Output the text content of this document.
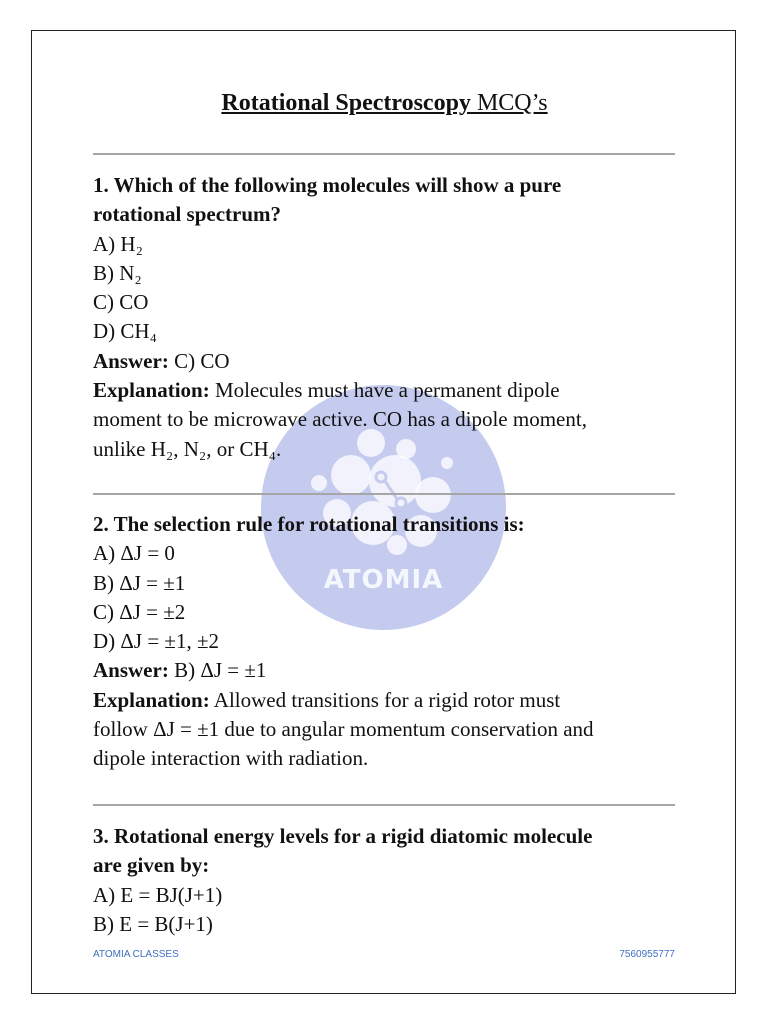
ATOMIA
Rotational Spectroscopy MCQ’s
1. Which of the following molecules will show a pure
rotational spectrum?
A) H₂
B) N₂
C) CO
D) CH₄
Answer: C) CO
Explanation: Molecules must have a permanent dipole
moment to be microwave active. CO has a dipole moment,
unlike H₂, N₂, or CH₄.
2. The selection rule for rotational transitions is:
A) ΔJ = 0
B) ΔJ = ±1
C) ΔJ = ±2
D) ΔJ = ±1, ±2
Answer: B) ΔJ = ±1
Explanation: Allowed transitions for a rigid rotor must
follow ΔJ = ±1 due to angular momentum conservation and
dipole interaction with radiation.
3. Rotational energy levels for a rigid diatomic molecule
are given by:
A) E = BJ(J+1)
B) E = B(J+1)
ATOMIA CLASSES	7560955777
